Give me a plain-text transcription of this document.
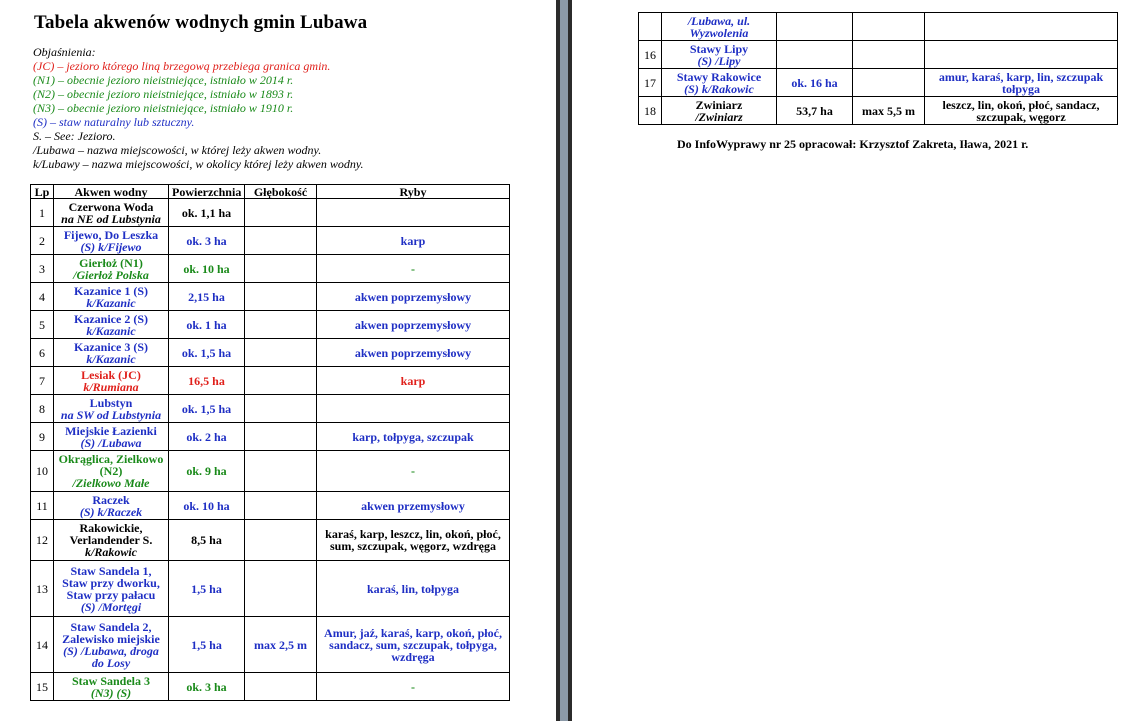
Tabela akwenów wodnych gmin Lubawa
Objaśnienia:
(JC) – jezioro którego liną brzegową przebiega granica gmin.
(N1) – obecnie jezioro nieistniejące, istniało w 2014 r.
(N2) – obecnie jezioro nieistniejące, istniało w 1893 r.
(N3) – obecnie jezioro nieistniejące, istniało w 1910 r.
(S) – staw naturalny lub sztuczny.
S. – See: Jezioro.
/Lubawa – nazwa miejscowości, w której leży akwen wodny.
k/Lubawy – nazwa miejscowości, w okolicy której leży akwen wodny.
Lp	Akwen wodny	Powierzchnia	Głębokość	Ryby
1	Czerwona Woda
na NE od Lubstynia	ok. 1,1 ha		
2	Fijewo, Do Leszka
(S) k/Fijewo	ok. 3 ha		karp
3	Gierłoż (N1)
/Gierłoż Polska	ok. 10 ha		-
4	Kazanice 1 (S)
k/Kazanic	2,15 ha		akwen poprzemysłowy
5	Kazanice 2 (S)
k/Kazanic	ok. 1 ha		akwen poprzemysłowy
6	Kazanice 3 (S)
k/Kazanic	ok. 1,5 ha		akwen poprzemysłowy
7	Lesiak (JC)
k/Rumiana	16,5 ha		karp
8	Lubstyn
na SW od Lubstynia	ok. 1,5 ha		
9	Miejskie Łazienki
(S) /Lubawa	ok. 2 ha		karp, tołpyga, szczupak
10	Okrąglica, Zielkowo (N2)
/Zielkowo Małe	ok. 9 ha		-
11	Raczek
(S) k/Raczek	ok. 10 ha		akwen przemysłowy
12	Rakowickie, Verlandender S.
k/Rakowic	8,5 ha		karaś, karp, leszcz, lin, okoń, płoć, sum, szczupak, węgorz, wzdręga
13	Staw Sandela 1, Staw przy dworku, Staw przy pałacu
(S) /Mortęgi	1,5 ha		karaś, lin, tołpyga
14	Staw Sandela 2, Zalewisko miejskie
(S) /Lubawa, droga do Losy	1,5 ha	max 2,5 m	Amur, jaź, karaś, karp, okoń, płoć, sandacz, sum, szczupak, tołpyga, wzdręga
15	Staw Sandela 3
(N3) (S)	ok. 3 ha		-

	/Lubawa, ul. Wyzwolenia			

16	Stawy Lipy
(S) /Lipy			

17	Stawy Rakowice
(S) k/Rakowic	ok. 16 ha		amur, karaś, karp, lin, szczupak tołpyga
18	Zwiniarz
/Zwiniarz	53,7 ha	max 5,5 m	leszcz, lin, okoń, płoć, sandacz, szczupak, węgorz
Do InfoWyprawy nr 25 opracował: Krzysztof Zakreta, Iława, 2021 r.
